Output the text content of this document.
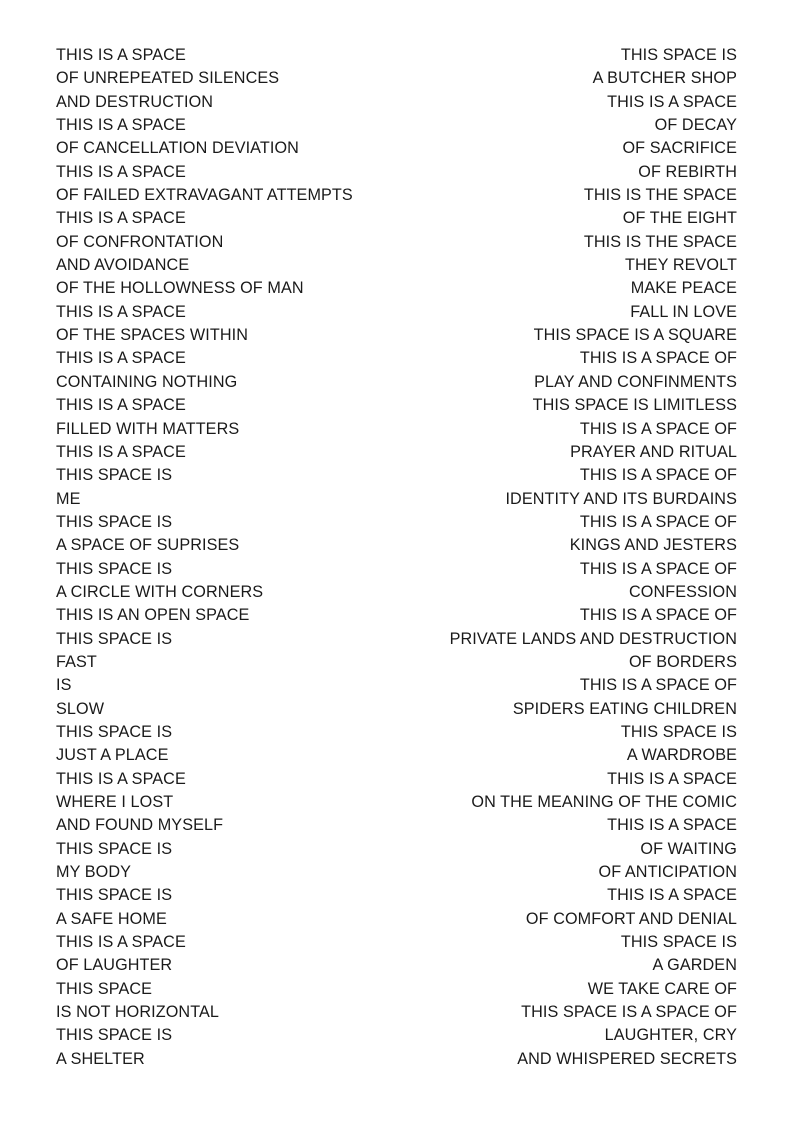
THIS IS A SPACE
OF UNREPEATED SILENCES
AND DESTRUCTION
THIS IS A SPACE
OF CANCELLATION DEVIATION
THIS IS A SPACE
OF FAILED EXTRAVAGANT ATTEMPTS
THIS IS A SPACE
OF CONFRONTATION
AND AVOIDANCE
OF THE HOLLOWNESS OF MAN
THIS IS A SPACE
OF THE SPACES WITHIN
THIS IS A SPACE
CONTAINING NOTHING
THIS IS A SPACE
FILLED WITH MATTERS
THIS IS A SPACE
THIS SPACE IS
ME
THIS SPACE IS
A SPACE OF SUPRISES
THIS SPACE IS
A CIRCLE WITH CORNERS
THIS IS AN OPEN SPACE
THIS SPACE IS
FAST
IS
SLOW
THIS SPACE IS
JUST A PLACE
THIS IS A SPACE
WHERE I LOST
AND FOUND MYSELF
THIS SPACE IS
MY BODY
THIS SPACE IS
A SAFE HOME
THIS IS A SPACE
OF LAUGHTER
THIS SPACE
IS NOT HORIZONTAL
THIS SPACE IS
A SHELTER
THIS SPACE IS
A BUTCHER SHOP
THIS IS A SPACE
OF DECAY
OF SACRIFICE
OF REBIRTH
THIS IS THE SPACE
OF THE EIGHT
THIS IS THE SPACE
THEY REVOLT
MAKE PEACE
FALL IN LOVE
THIS SPACE IS A SQUARE
THIS IS A SPACE OF
PLAY AND CONFINMENTS
THIS SPACE IS LIMITLESS
THIS IS A SPACE OF
PRAYER AND RITUAL
THIS IS A SPACE OF
IDENTITY AND ITS BURDAINS
THIS IS A SPACE OF
KINGS AND JESTERS
THIS IS A SPACE OF
CONFESSION
THIS IS A SPACE OF
PRIVATE LANDS AND DESTRUCTION
OF BORDERS
THIS IS A SPACE OF
SPIDERS EATING CHILDREN
THIS SPACE IS
A WARDROBE
THIS IS A SPACE
ON THE MEANING OF THE COMIC
THIS IS A SPACE
OF WAITING
OF ANTICIPATION
THIS IS A SPACE
OF COMFORT AND DENIAL
THIS SPACE IS
A GARDEN
WE TAKE CARE OF
THIS SPACE IS A SPACE OF
LAUGHTER, CRY
AND WHISPERED SECRETS
